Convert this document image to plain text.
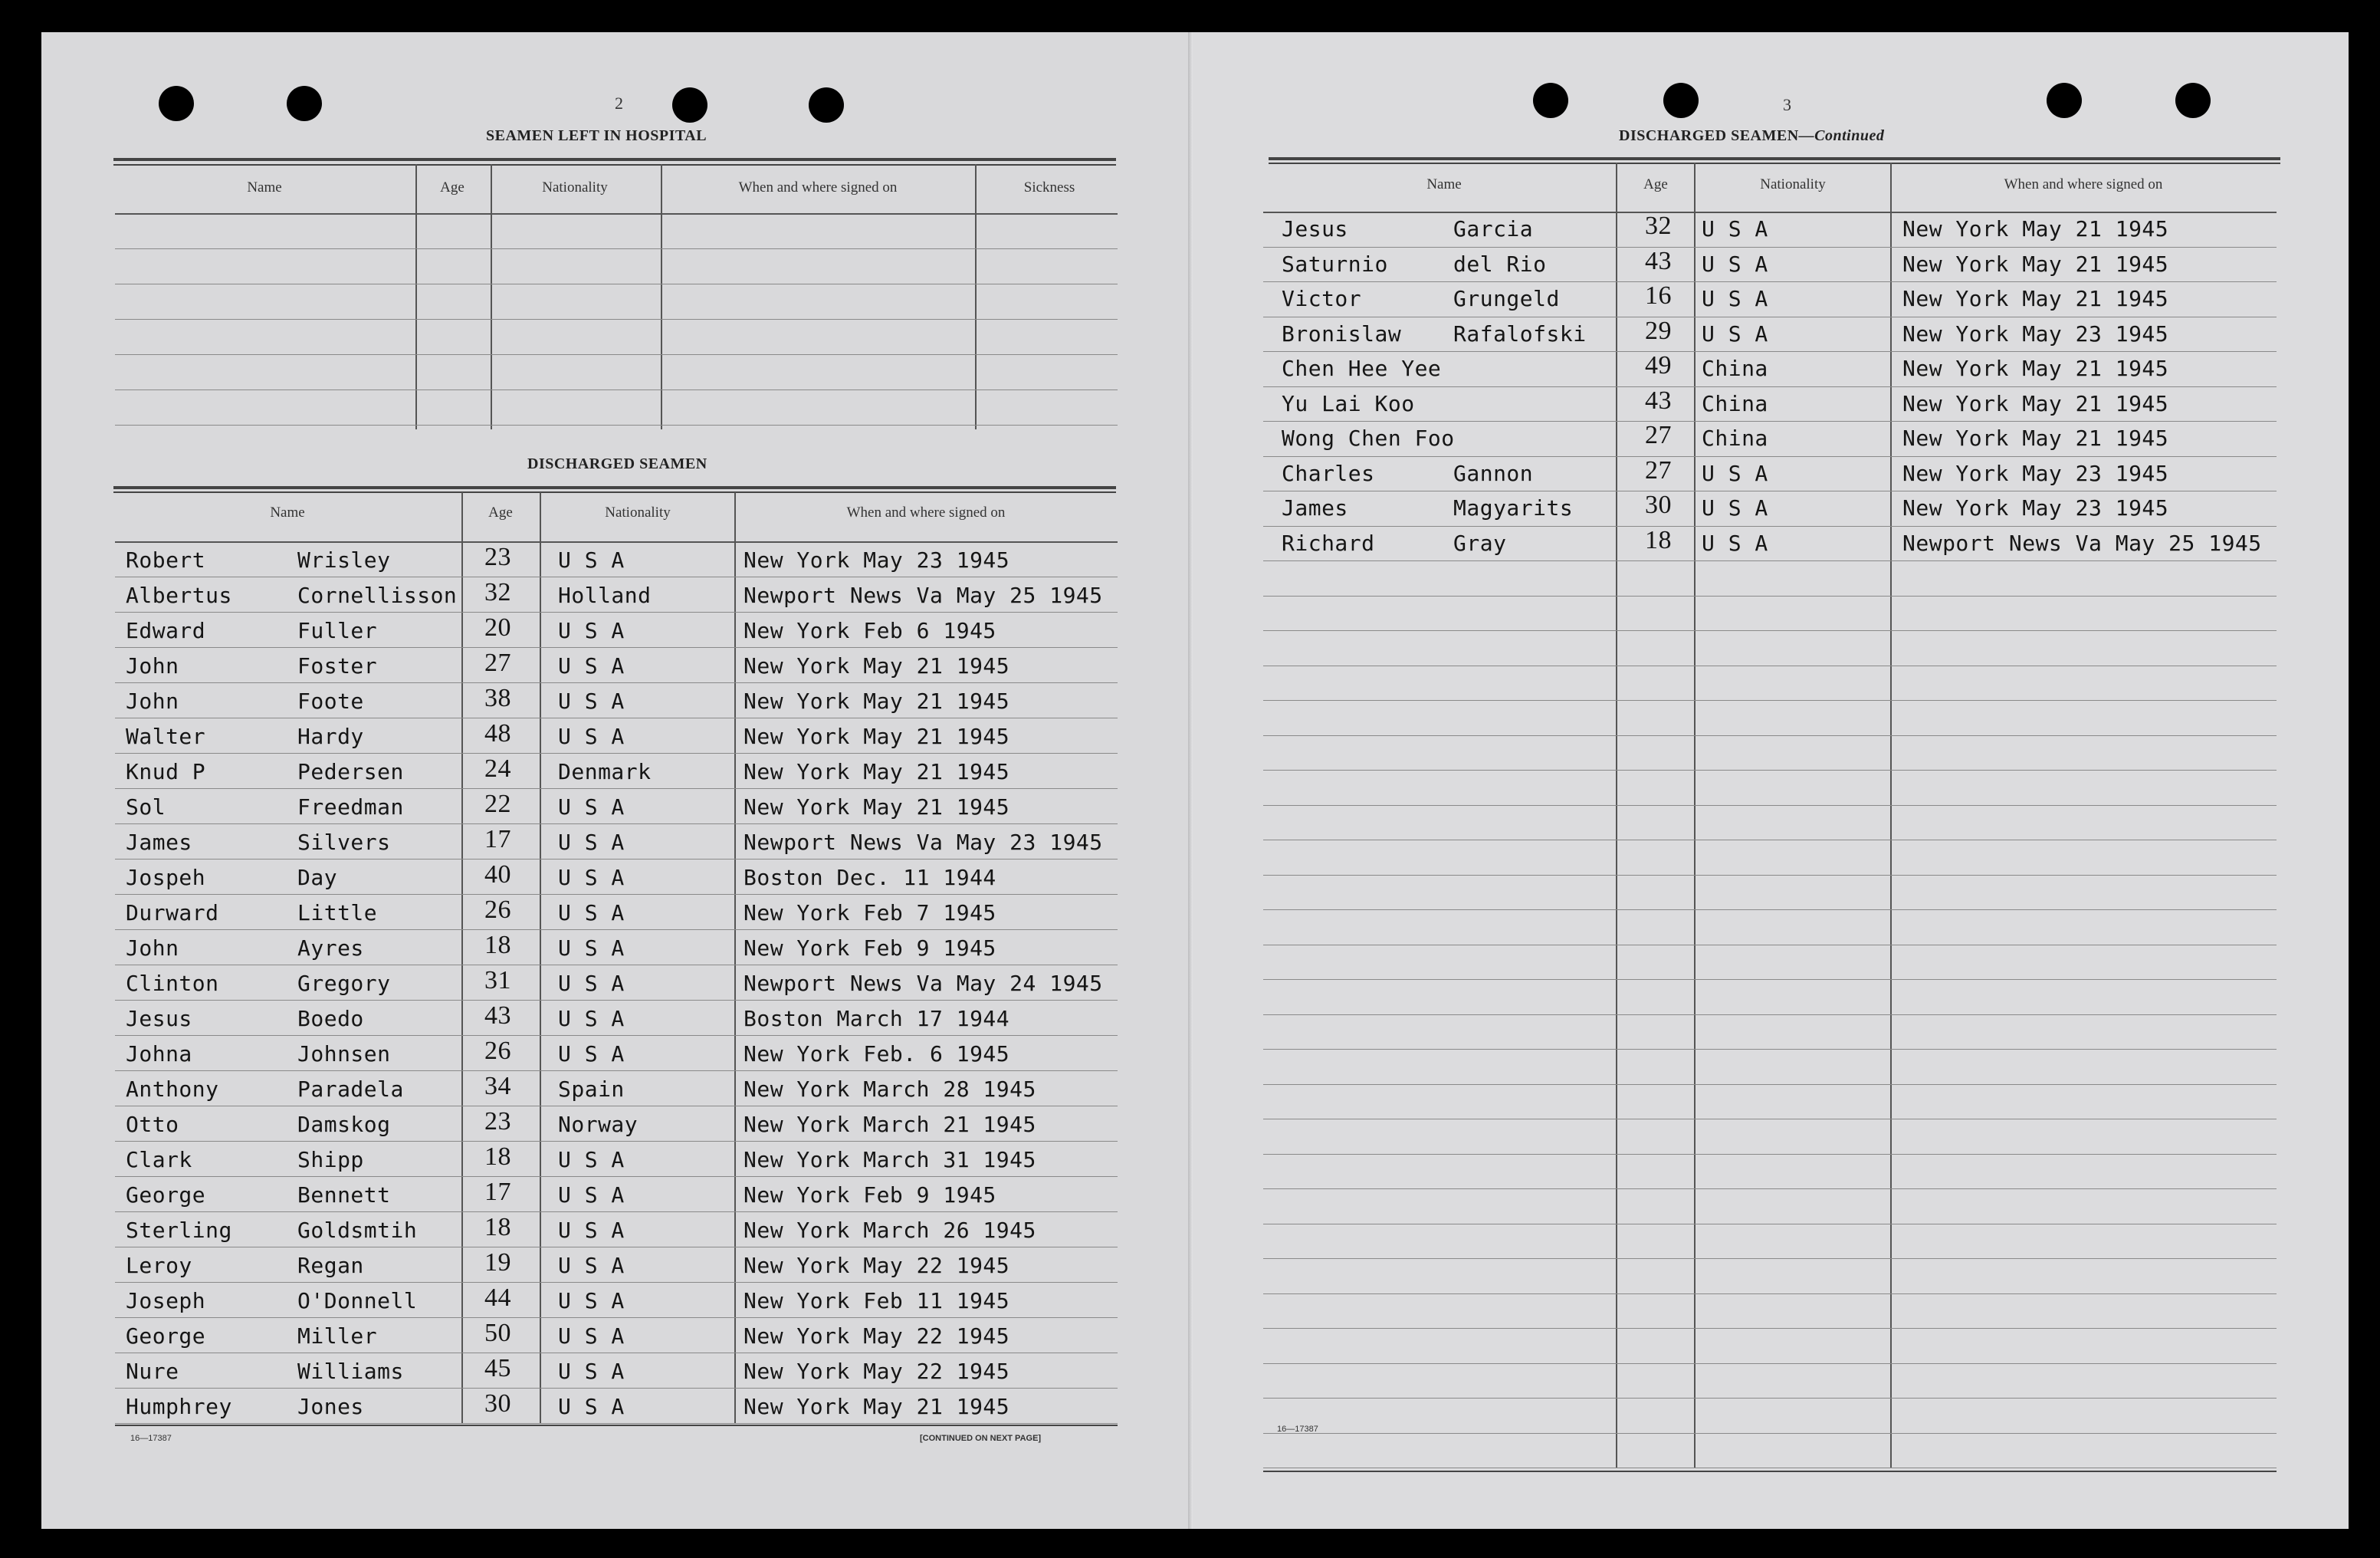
2
SEAMEN LEFT IN HOSPITAL
Name	Age	Nationality	When and where signed on	Sickness
DISCHARGED SEAMEN
Name	Age	Nationality	When and where signed on
Robert	Wrisley	23 U S A	New York May 23 1945
Albertus	Cornellisson 32 Holland	Newport News Va May 25 1945
Edward	Fuller	20 U S A	New York Feb 6 1945
John	Foster	27 U S A	New York May 21 1945
John	Foote	38 U S A	New York May 21 1945
Walter	Hardy	48 U S A	New York May 21 1945
Knud P	Pedersen	24 Denmark	New York May 21 1945
Sol	Freedman	22 U S A	New York May 21 1945
James	Silvers	17 U S A	Newport News Va May 23 1945
Jospeh	Day	40 U S A	Boston Dec. 11 1944
Durward	Little	26 U S A	New York Feb 7 1945
John	Ayres	18 U S A	New York Feb 9 1945
Clinton	Gregory	31 U S A	Newport News Va May 24 1945
Jesus	Boedo	43 U S A	Boston March 17 1944
Johna	Johnsen	26 U S A	New York Feb. 6 1945
Anthony	Paradela	34 Spain	New York March 28 1945
Otto	Damskog	23 Norway	New York March 21 1945
Clark	Shipp	18 U S A	New York March 31 1945
George	Bennett	17 U S A	New York Feb 9 1945
Sterling	Goldsmtih	18 U S A	New York March 26 1945
Leroy	Regan	19 U S A	New York May 22 1945
Joseph	O'Donnell	44 U S A	New York Feb 11 1945
George	Miller	50 U S A	New York May 22 1945
Nure	Williams	45 U S A	New York May 22 1945
Humphrey	Jones	30 U S A	New York May 21 1945
16—17387	[CONTINUED ON NEXT PAGE]
3
DISCHARGED SEAMEN—Continued
Name	Age	Nationality	When and where signed on
Jesus	Garcia	32 U S A	New York May 21 1945
Saturnio	del Rio	43 U S A	New York May 21 1945
Victor	Grungeld	16 U S A	New York May 21 1945
Bronislaw Rafalofski 29 U S A	New York May 23 1945
Chen Hee Yee	49 China	New York May 21 1945
Yu Lai Koo	43 China	New York May 21 1945
Wong Chen Foo	27 China	New York May 21 1945
Charles	Gannon	27 U S A	New York May 23 1945
James	Magyarits	30 U S A	New York May 23 1945
Richard	Gray	18 U S A	Newport News Va May 25 1945
16—17387
